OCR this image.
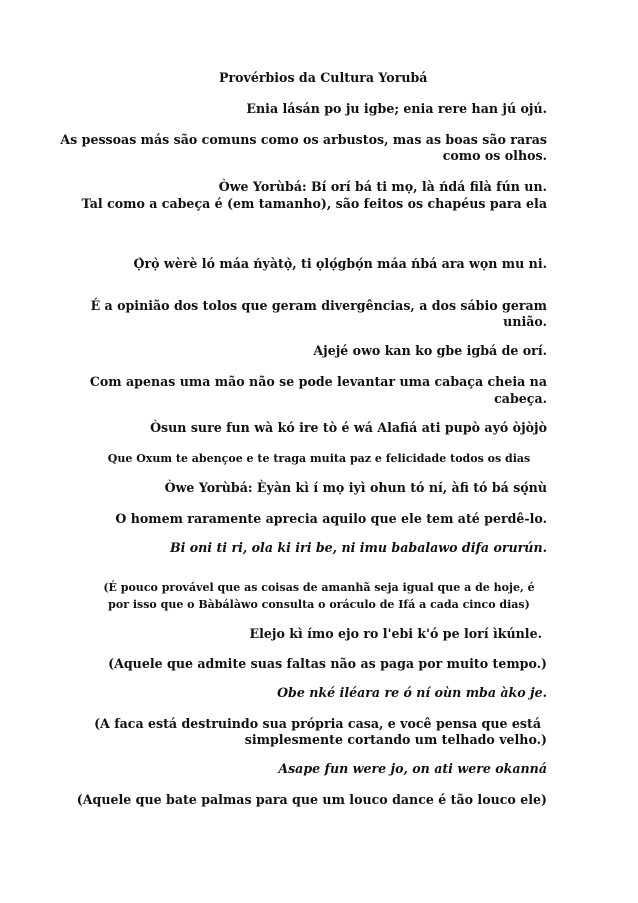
Provérbios da Cultura Yorubá
Enia lásán po ju igbe; enia rere han jú ojú.
As pessoas más são comuns como os arbustos, mas as boas são raras
como os olhos.
Òwe Yorùbá: Bí orí bá ti mọ, là ńdá filà fún un.
Tal como a cabeça é (em tamanho), são feitos os chapéus para ela
Ọ̀rọ̀ wèrè ló máa ńyàtọ̀, ti ọlọ́gbọ́n máa ńbá ara wọn mu ni.
É a opinião dos tolos que geram divergências, a dos sábio geram
união.
Ajejé owo kan ko gbe igbá de orí.
Com apenas uma mão não se pode levantar uma cabaça cheia na
cabeça.
Òsun sure fun wà kó ire tò é wá Alafiá ati pupò ayó òjòjò
Que Oxum te abençoe e te traga muita paz e felicidade todos os dias
Òwe Yorùbá: Èyàn kì í mọ iyì ohun tó ní, àfi tó bá sọ̣́nù
O homem raramente aprecia aquilo que ele tem até perdê-lo.
Bi oni ti ri, ola ki iri be, ni imu babalawo difa orurún.
(É pouco provável que as coisas de amanhã seja igual que a de hoje, é
por isso que o Bàbálàwo consulta o oráculo de Ifá a cada cinco dias)
Elejo kì ímo ejo ro l'ebi k'ó pe lorí ìkúnle.
(Aquele que admite suas faltas não as paga por muito tempo.)
Obe nké iléara re ó ní oùn mba àko je.
(A faca está destruindo sua própria casa, e você pensa que está
simplesmente cortando um telhado velho.)
Asape fun were jo, on ati were okanná
(Aquele que bate palmas para que um louco dance é tão louco ele)
